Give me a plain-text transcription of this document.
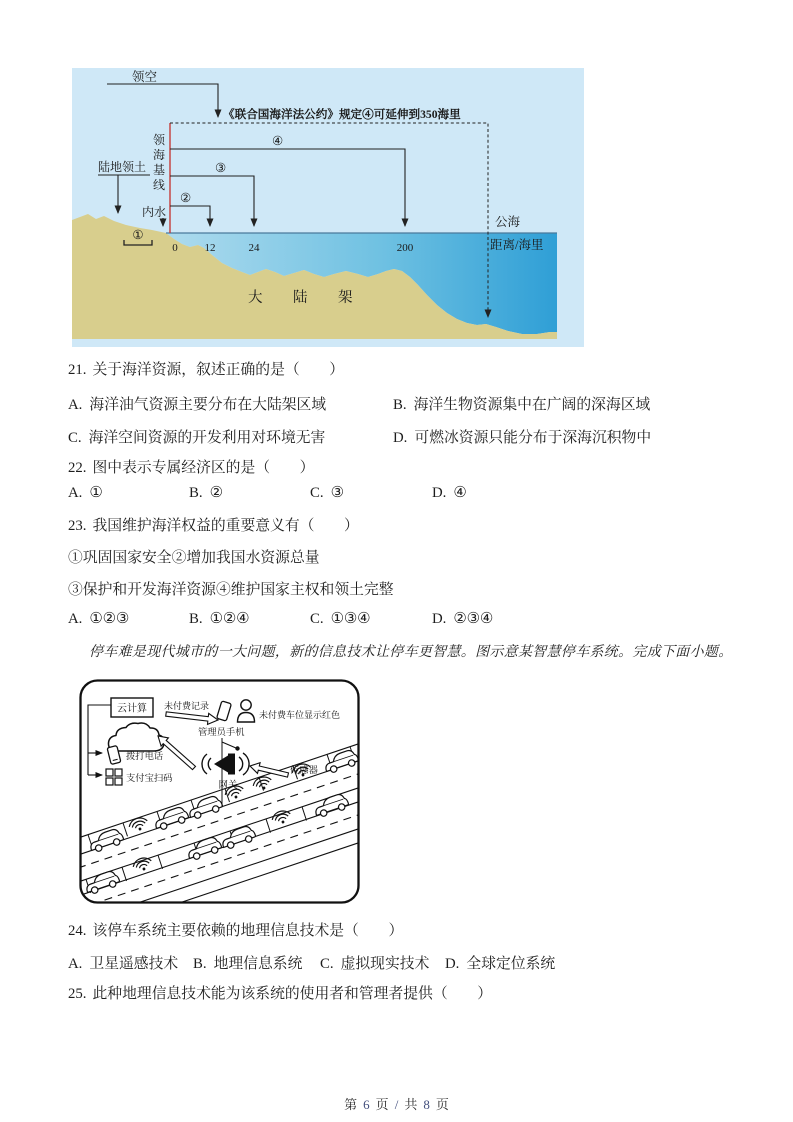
领空
《联合国海洋法公约》规定④可延伸到350海里
④
③
②
领
海
基
线
陆地领土
内水
①
0 12	24	200
公海
距离/海里
大 陆 架
21. 关于海洋资源，叙述正确的是（　　）
A. 海洋油气资源主要分布在大陆架区域	B. 海洋生物资源集中在广阔的深海区域
C. 海洋空间资源的开发利用对环境无害	D. 可燃冰资源只能分布于深海沉积物中
22. 图中表示专属经济区的是（　　）
A. ①	B. ②	C. ③	D. ④
23. 我国维护海洋权益的重要意义有（　　）
①巩固国家安全②增加我国水资源总量
③保护和开发海洋资源④维护国家主权和领土完整
A. ①②③	B. ①②④	C. ①③④	D. ②③④
停车难是现代城市的一大问题，新的信息技术让停车更智慧。图示意某智慧停车系统。完成下面小题。
云计算
拨打电话
支付宝扫码
未付费记录
未付费车位显示红色
管理员手机
网关
传感器
24. 该停车系统主要依赖的地理信息技术是（　　）
A. 卫星遥感技术 B. 地理信息系统 C. 虚拟现实技术 D. 全球定位系统
25. 此种地理信息技术能为该系统的使用者和管理者提供（　　）
第 6 页 / 共 8 页
